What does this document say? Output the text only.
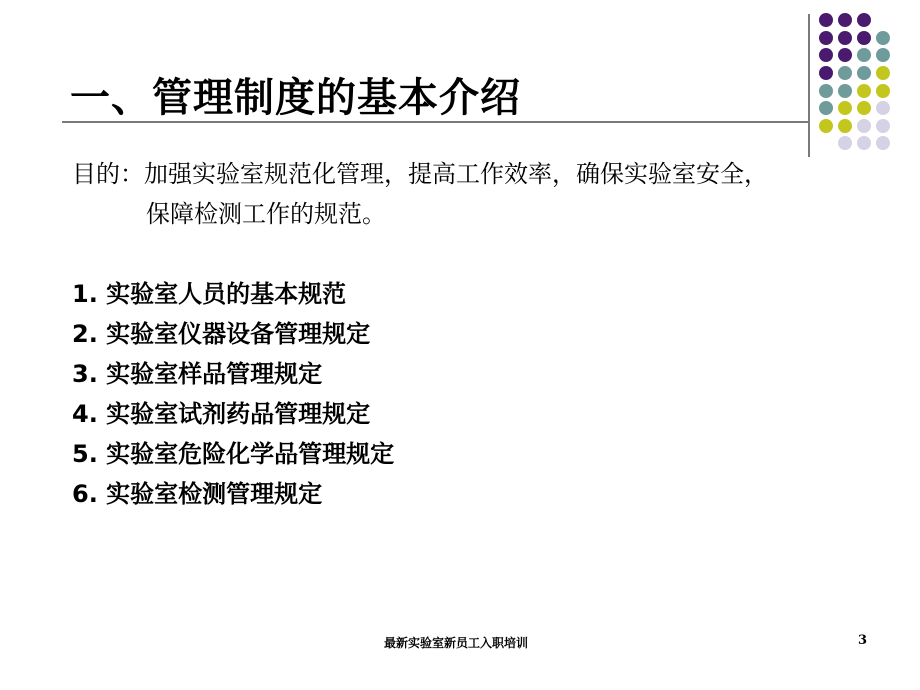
一、管理制度的基本介绍
目的：加强实验室规范化管理，提高工作效率，确保实验室安全，
保障检测工作的规范。
1. 实验室人员的基本规范
2. 实验室仪器设备管理规定
3. 实验室样品管理规定
4. 实验室试剂药品管理规定
5. 实验室危险化学品管理规定
6. 实验室检测管理规定
最新实验室新员工入职培训	3
